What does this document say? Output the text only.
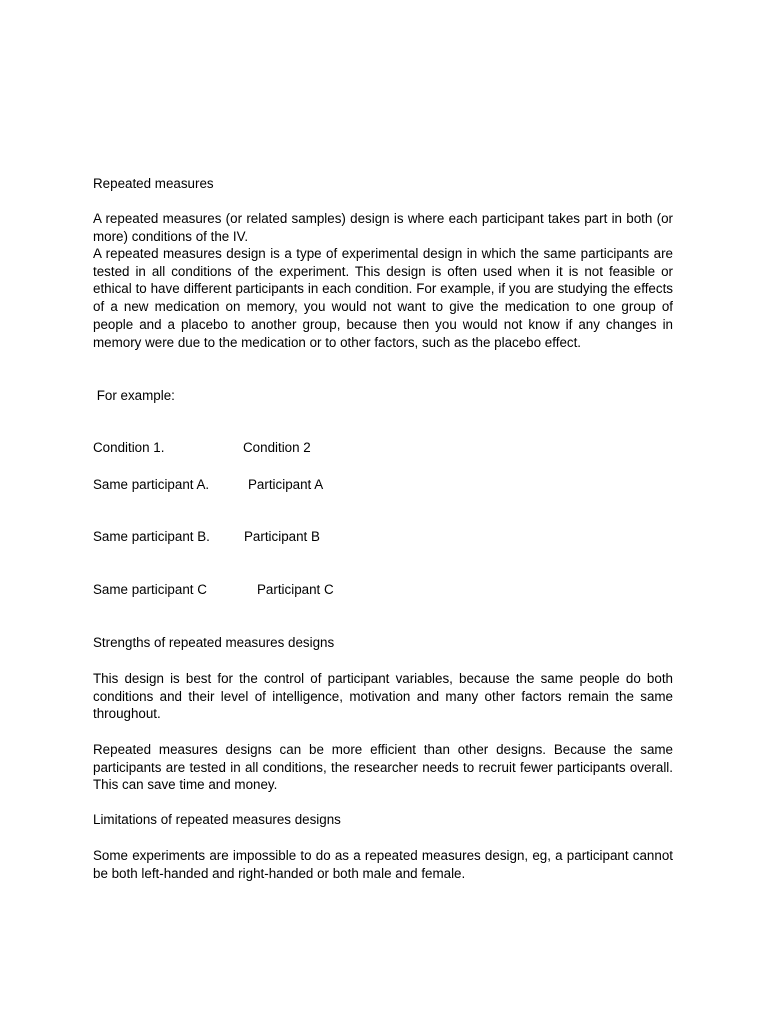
Repeated measures

A repeated measures (or related samples) design is where each participant takes part in both (or more) conditions of the IV.

A repeated measures design is a type of experimental design in which the same participants are tested in all conditions of the experiment. This design is often used when it is not feasible or ethical to have different participants in each condition. For example, if you are studying the effects of a new medication on memory, you would not want to give the medication to one group of people and a placebo to another group, because then you would not know if any changes in memory were due to the medication or to other factors, such as the placebo effect.

For example:
Condition 1.	Condition 2
Same participant A.	Participant A
Same participant B.	Participant B
Same participant C	Participant C
Strengths of repeated measures designs

This design is best for the control of participant variables, because the same people do both conditions and their level of intelligence, motivation and many other factors remain the same throughout.

Repeated measures designs can be more efficient than other designs. Because the same participants are tested in all conditions, the researcher needs to recruit fewer participants overall. This can save time and money.

Limitations of repeated measures designs

Some experiments are impossible to do as a repeated measures design, eg, a participant cannot be both left-handed and right-handed or both male and female.
